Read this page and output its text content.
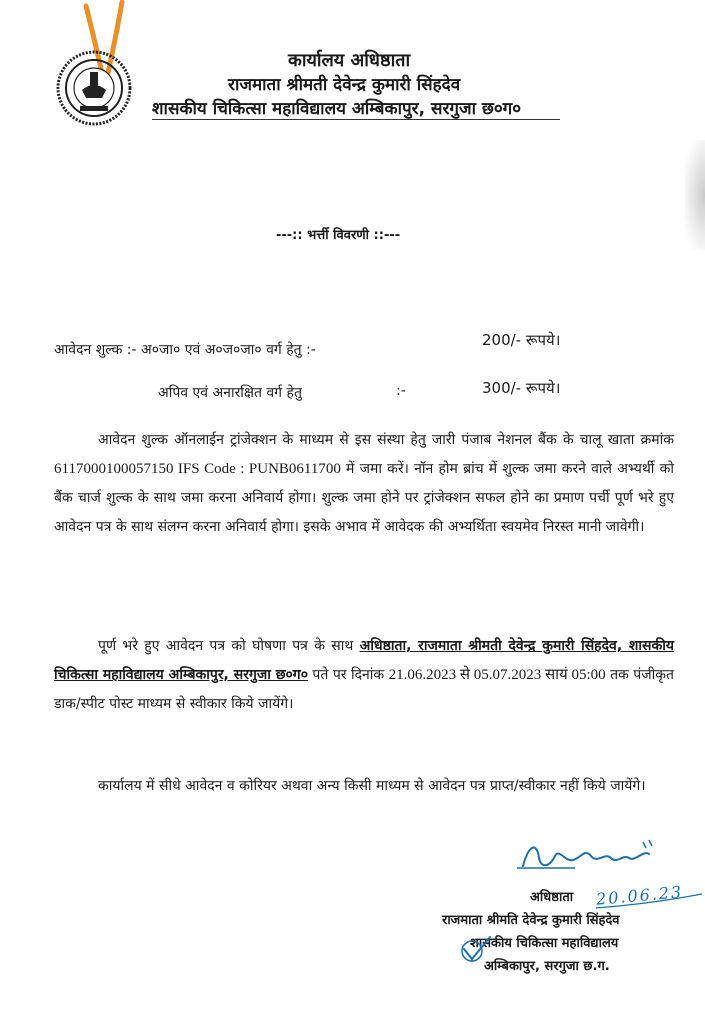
कार्यालय अधिष्ठाता
राजमाता श्रीमती देवेन्द्र कुमारी सिंहदेव
शासकीय चिकित्सा महाविद्यालय अम्बिकापुर, सरगुजा छ०ग०
---:: भर्त्ती विवरणी ::---
आवेदन शुल्क :- अ०जा० एवं अ०ज०जा० वर्ग हेतु :-
200/- रूपये।
अपिव एवं अनारक्षित वर्ग हेतु	:-	300/- रूपये।
आवेदन शुल्क ऑनलाईन ट्रांजेक्शन के माध्यम से इस संस्था हेतु जारी पंजाब नेशनल बैंक के चालू खाता क्रमांक 6117000100057150 IFS Code : PUNB0611700 में जमा करें। नॉन होम ब्रांच में शुल्क जमा करने वाले अभ्यर्थी को बैंक चार्ज शुल्क के साथ जमा करना अनिवार्य होगा। शुल्क जमा होने पर ट्रांजेक्शन सफल होने का प्रमाण पर्ची पूर्ण भरे हुए आवेदन पत्र के साथ संलग्न करना अनिवार्य होगा। इसके अभाव में आवेदक की अभ्यर्थिता स्वयमेव निरस्त मानी जावेगी।
पूर्ण भरे हुए आवेदन पत्र को घोषणा पत्र के साथ अधिष्ठाता, राजमाता श्रीमती देवेन्द्र कुमारी सिंहदेव, शासकीय चिकित्सा महाविद्यालय अम्बिकापुर, सरगुजा छ०ग० पते पर दिनांक 21.06.2023 से 05.07.2023 सायं 05:00 तक पंजीकृत डाक/स्पीट पोस्ट माध्यम से स्वीकार किये जायेंगे।
कार्यालय में सीधे आवेदन व कोरियर अथवा अन्य किसी माध्यम से आवेदन पत्र प्राप्त/स्वीकार नहीं किये जायेंगे।
20.06.23
अधिष्ठाता
राजमाता श्रीमति देवेन्द्र कुमारी सिंहदेव
शासकीय चिकित्सा महाविद्यालय
अम्बिकापुर, सरगुजा छ.ग.
